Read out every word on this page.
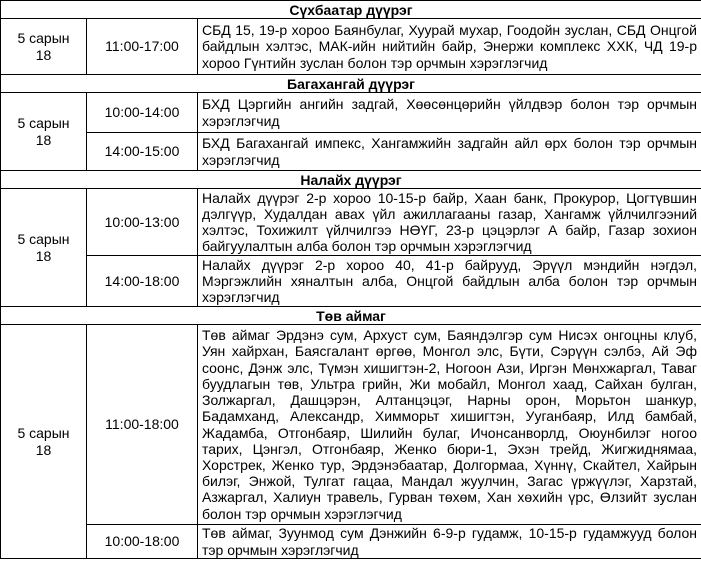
Сүхбаатар дүүрэг		
5 сарын
18	11:00-17:00	СБД 15, 19-р хороо Баянбулаг, Хуурай мухар, Гоодойн зуслан, СБД Онцгой байдлын хэлтэс, МАК-ийн нийтийн байр, Энержи комплекс ХХК, ЧД 19-р хороо Гүнтийн зуслан болон тэр орчмын хэрэглэгчид
Багахангай дүүрэг		
5 сарын
18	10:00-14:00	БХД Цэргийн ангийн задгай, Хөөсөнцөрийн үйлдвэр болон тэр орчмын хэрэглэгчид
	14:00-15:00	БХД Багахангай импекс, Хангамжийн задгайн айл өрх болон тэр орчмын хэрэглэгчид
Налайх дүүрэг		
5 сарын
18	10:00-13:00	Налайх дүүрэг 2-р хороо 10-15-р байр, Хаан банк, Прокурор, Цогтүвшин дэлгүүр, Худалдан авах үйл ажиллагааны газар, Хангамж үйлчилгээний хэлтэс, Тохижилт үйлчилгээ НӨҮГ, 23-р цэцэрлэг А байр, Газар зохион байгуулалтын алба болон тэр орчмын хэрэглэгчид
	14:00-18:00	Налайх дүүрэг 2-р хороо 40, 41-р байрууд, Эрүүл мэндийн нэгдэл, Мэргэжлийн хяналтын алба, Онцгой байдлын алба болон тэр орчмын хэрэглэгчид
Төв аймаг		
5 сарын
18	11:00-18:00	Төв аймаг Эрдэнэ сум, Архуст сум, Баяндэлгэр сум Нисэх онгоцны клуб, Уян хайрхан, Баясгалант өргөө, Монгол элс, Бүти, Сэрүүн сэлбэ, Ай Эф соонс, Дэнж элс, Түмэн хишигтэн-2, Ногоон Ази, Иргэн Мөнхжаргал, Таваг буудлагын төв, Ультра грийн, Жи мобайл, Монгол хаад, Сайхан булган, Золжаргал, Дашцэрэн, Алтанцэцэг, Нарны орон, Морьтон шанкур, Бадамханд, Александр, Химморьт хишигтэн, Ууганбаяр, Илд бамбай, Жадамба, Отгонбаяр, Шилийн булаг, Ичонсанворлд, Оюунбилэг ногоо тарих, Цэнгэл, Отгонбаяр, Женко бюри-1, Эхэн трейд, Жигжиднямаа, Хорстрек, Женко тур, Эрдэнэбаатар, Долгормаа, Хүннү, Скайтел, Хайрын билэг, Энжой, Тулгат гацаа, Мандал жуулчин, Загас үржүүлэг, Харзтай, Азжаргал, Халиун травель, Гурван төхөм, Хан хөхийн үрс, Өлзийт зуслан болон тэр орчмын хэрэглэгчид
	10:00-18:00	Төв аймаг, Зуунмод сум Дэнжийн 6-9-р гудамж, 10-15-р гудамжууд болон тэр орчмын хэрэглэгчид
